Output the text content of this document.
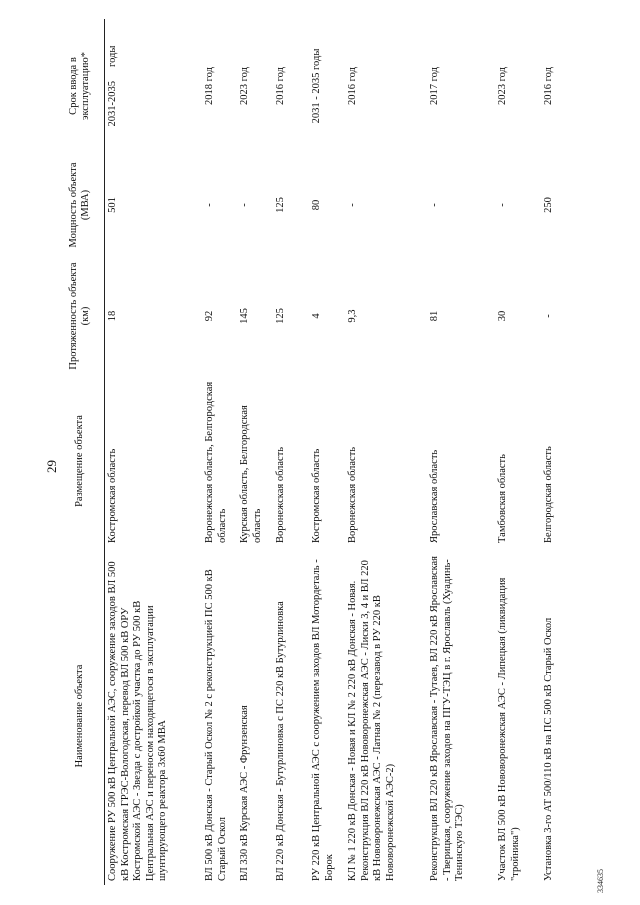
29
Наименование объекта	Размещение объекта	Протяженность объекта (км)	Мощность объекта (МВА)	Срок ввода в эксплуатацию*
Сооружение РУ 500 кВ Центральной АЭС, сооружение заходов ВЛ 500 кВ Костромская ГРЭС-Вологодская, перевод ВЛ 500 кВ ОРУ Костромской АЭС - Звезда с достройкой участка до РУ 500 кВ Центральная АЭС и переносом находящегося в эксплуатации шунтирующего реактора 3х60 МВА	Костромская область	18	501	2031-2035годы
ВЛ 500 кВ Донская - Старый Оскол № 2 с реконструкцией ПС 500 кВ Старый Оскол	Воронежская область, Белгородская область	92	-	2018 год
ВЛ 330 кВ Курская АЭС - Фрунзенская	Курская область, Белгородская область	145	-	2023 год
ВЛ 220 кВ Донская - Бутурлиновка с ПС 220 кВ Бутурлиновка	Воронежская область	125	125	2016 год
РУ 220 кВ Центральной АЭС с сооружением заходов ВЛ Мотордеталь - Борок	Костромская область	4	80	2031 - 2035 годы
КЛ № 1 220 кВ Донская - Новая и КЛ № 2 220 кВ Донская - Новая. Реконструкция ВЛ 220 кВ Нововоронежская АЭС - Лиски 3, 4 и ВЛ 220 кВ Нововоронежская АЭС - Латная № 2 (перезавод в РУ 220 кВ Нововоронежской АЭС-2)	Воронежская область	9,3	-	2016 год
Реконструкция ВЛ 220 кВ Ярославская - Тутаев, ВЛ 220 кВ Ярославская - Тверицкая, сооружение заходов на ПГУ-ТЭЦ в г. Ярославль (Хуадинь-Тенинскую ТЭС)	Ярославская область	81	-	2017 год
Участок ВЛ 500 кВ Нововоронежская АЭС - Липецкая (ликвидация "тройника")	Тамбовская область	30	-	2023 год
Установка 3-го АТ 500/110 кВ на ПС 500 кВ Старый Оскол	Белгородская область	-	250	2016 год
334635
